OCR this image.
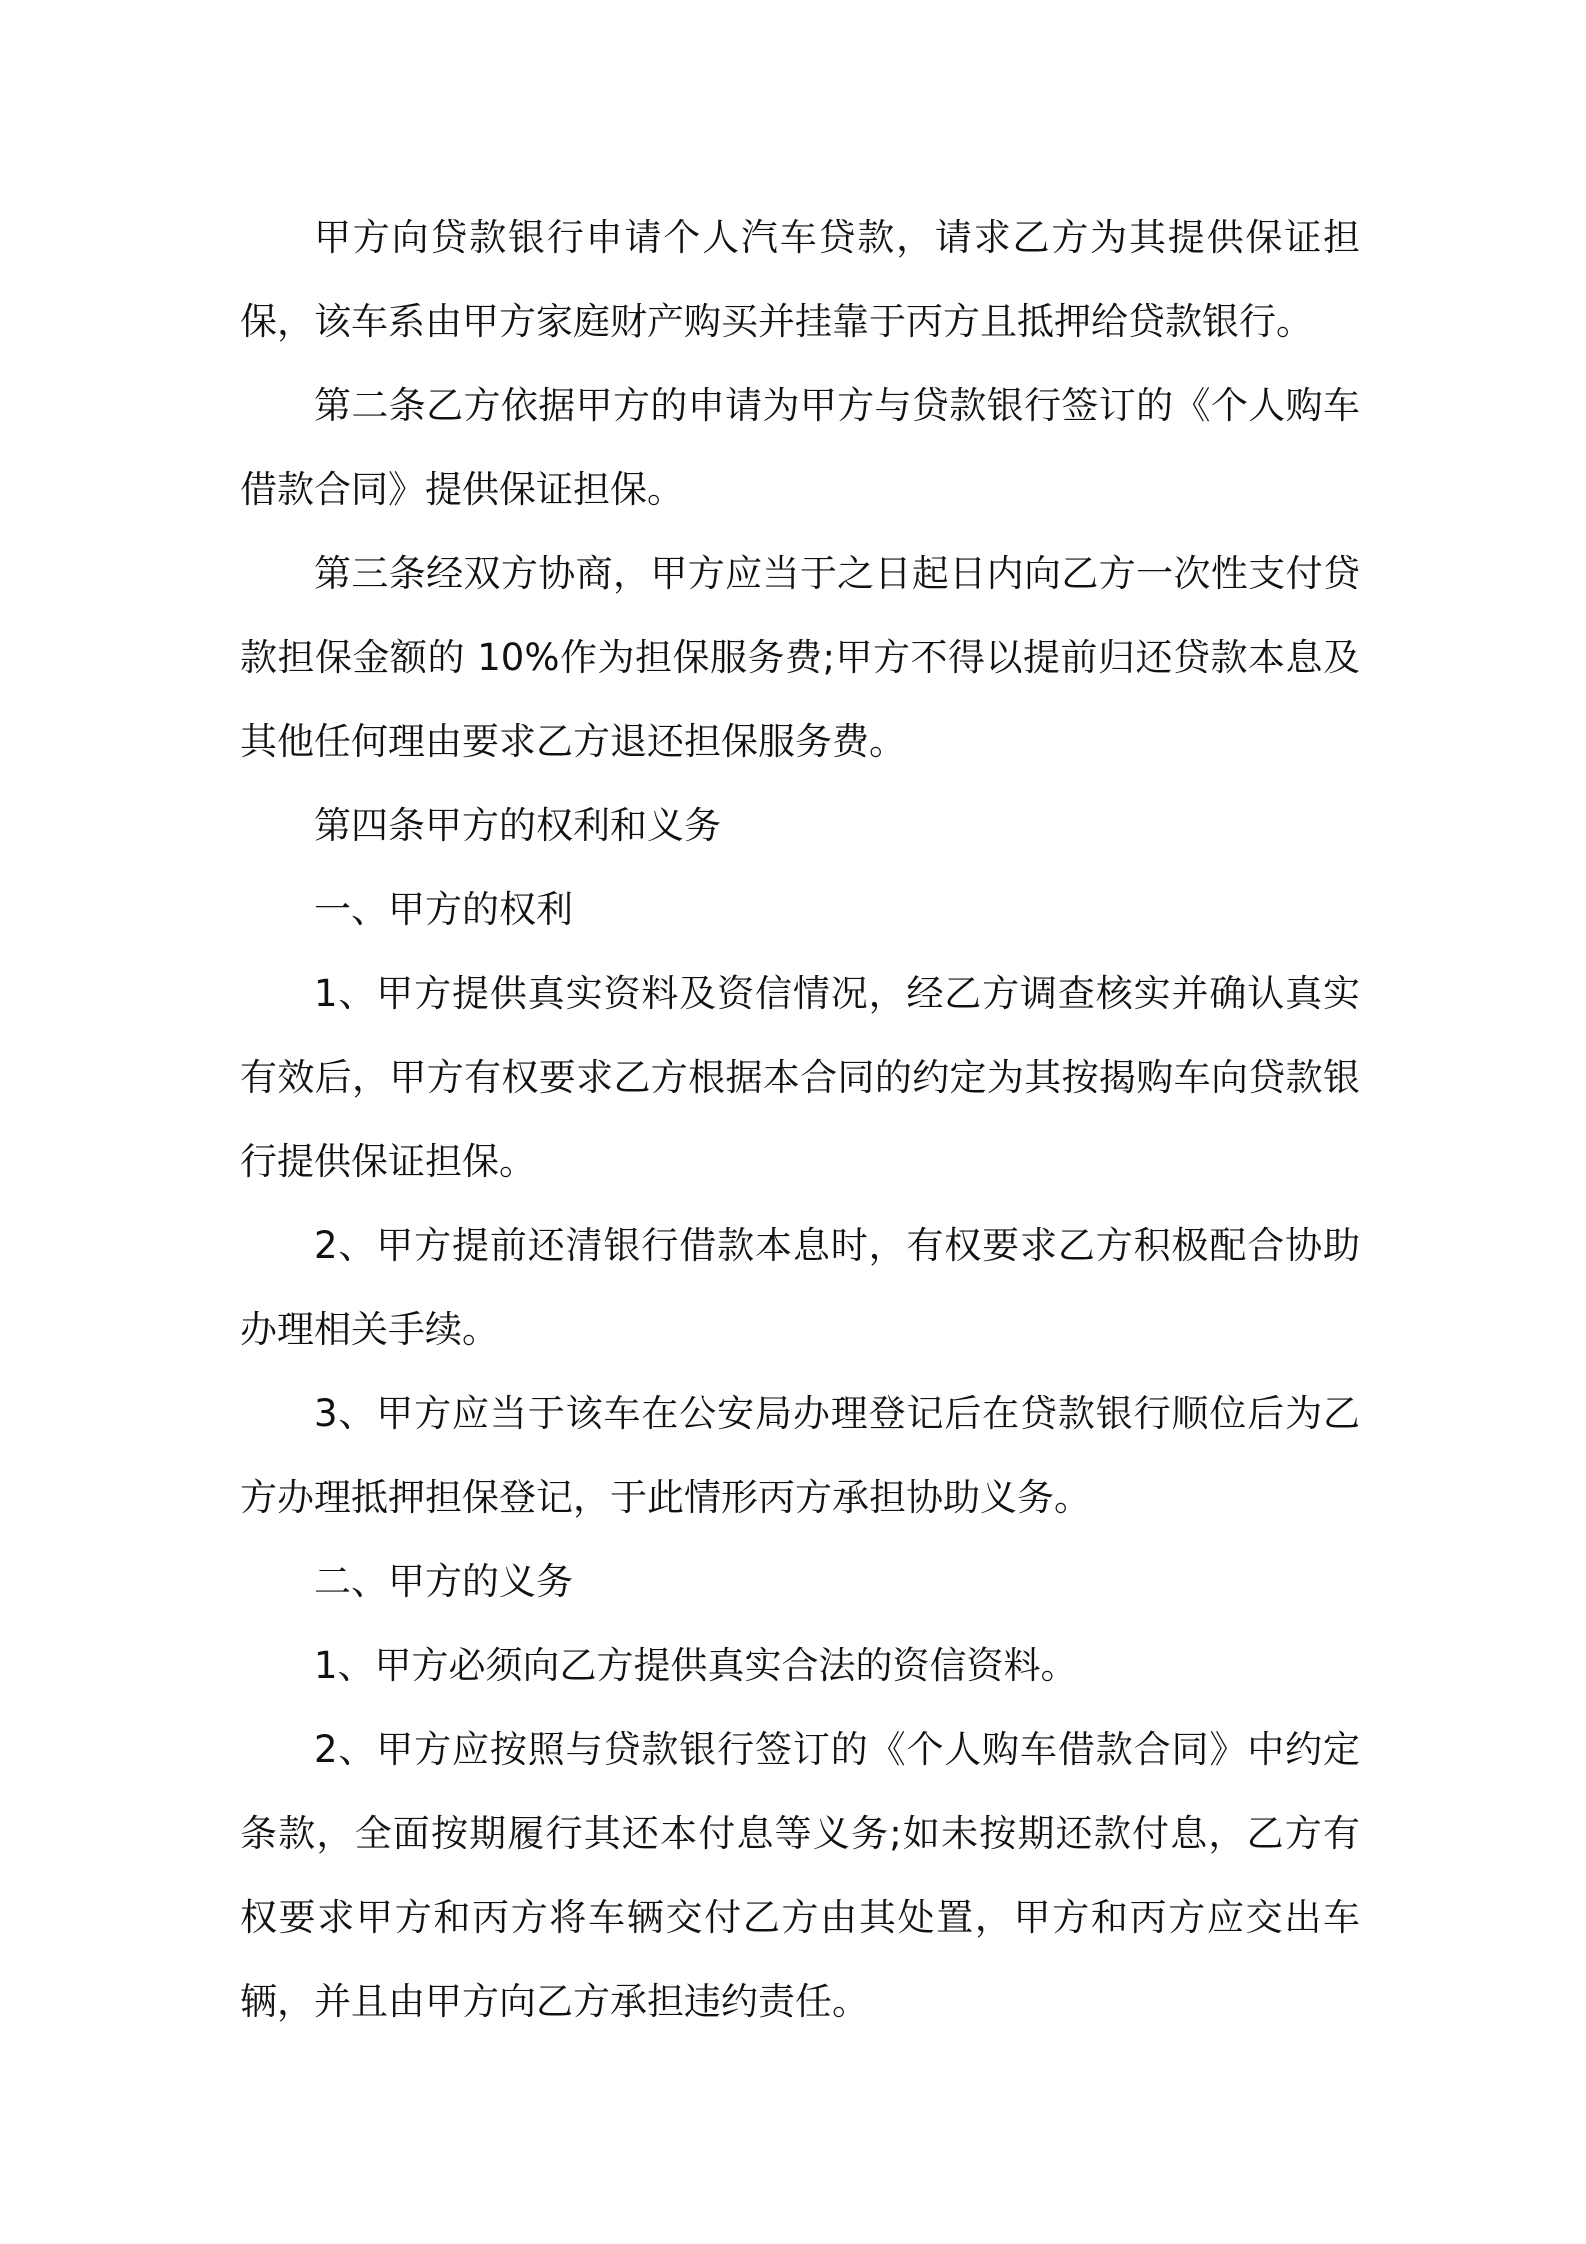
甲方向贷款银行申请个人汽车贷款，请求乙方为其提供保证担保，该车系由甲方家庭财产购买并挂靠于丙方且抵押给贷款银行。

第二条乙方依据甲方的申请为甲方与贷款银行签订的《个人购车借款合同》提供保证担保。

第三条经双方协商，甲方应当于之日起日内向乙方一次性支付贷款担保金额的 10%作为担保服务费;甲方不得以提前归还贷款本息及其他任何理由要求乙方退还担保服务费。

第四条甲方的权利和义务

一、甲方的权利

1、甲方提供真实资料及资信情况，经乙方调查核实并确认真实有效后，甲方有权要求乙方根据本合同的约定为其按揭购车向贷款银行提供保证担保。

2、甲方提前还清银行借款本息时，有权要求乙方积极配合协助办理相关手续。

3、甲方应当于该车在公安局办理登记后在贷款银行顺位后为乙方办理抵押担保登记，于此情形丙方承担协助义务。

二、甲方的义务

1、甲方必须向乙方提供真实合法的资信资料。

2、甲方应按照与贷款银行签订的《个人购车借款合同》中约定条款，全面按期履行其还本付息等义务;如未按期还款付息，乙方有权要求甲方和丙方将车辆交付乙方由其处置，甲方和丙方应交出车辆，并且由甲方向乙方承担违约责任。
